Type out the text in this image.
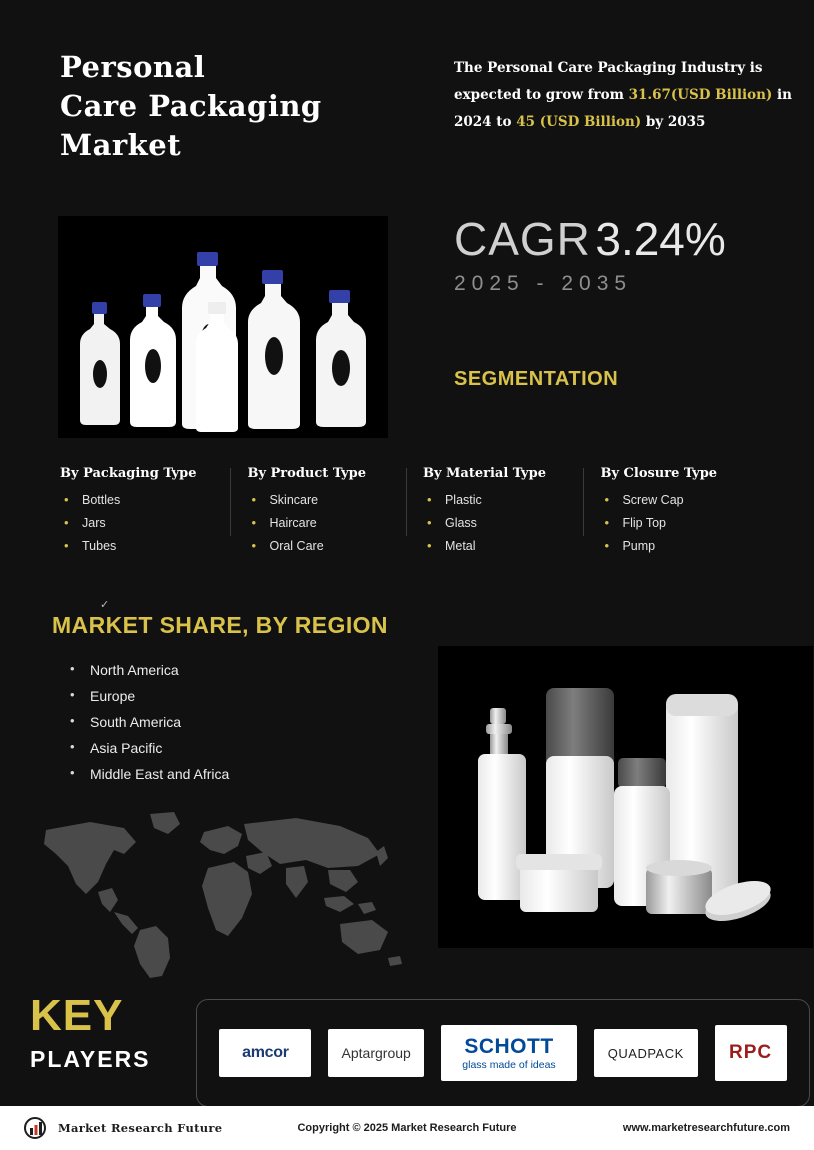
Personal
Care Packaging
Market
The Personal Care Packaging Industry is expected to grow from 31.67(USD Billion) in 2024 to 45 (USD Billion) by 2035
CAGR 3.24%
2025 - 2035
SEGMENTATION
By Packaging Type
• Bottles
• Jars
• Tubes
By Product Type
• Skincare
• Haircare
• Oral Care
By Material Type
• Plastic
• Glass
• Metal
By Closure Type
• Screw Cap
• Flip Top
• Pump
✓
MARKET SHARE, BY REGION
• North America
• Europe
• South America
• Asia Pacific
• Middle East and Africa
KEY
PLAYERS	amcor	Aptargroup	SCHOTT
glass made of ideas
QUADPACK RPC
Market Research Future	Copyright © 2025 Market Research Future	www.marketresearchfuture.com
